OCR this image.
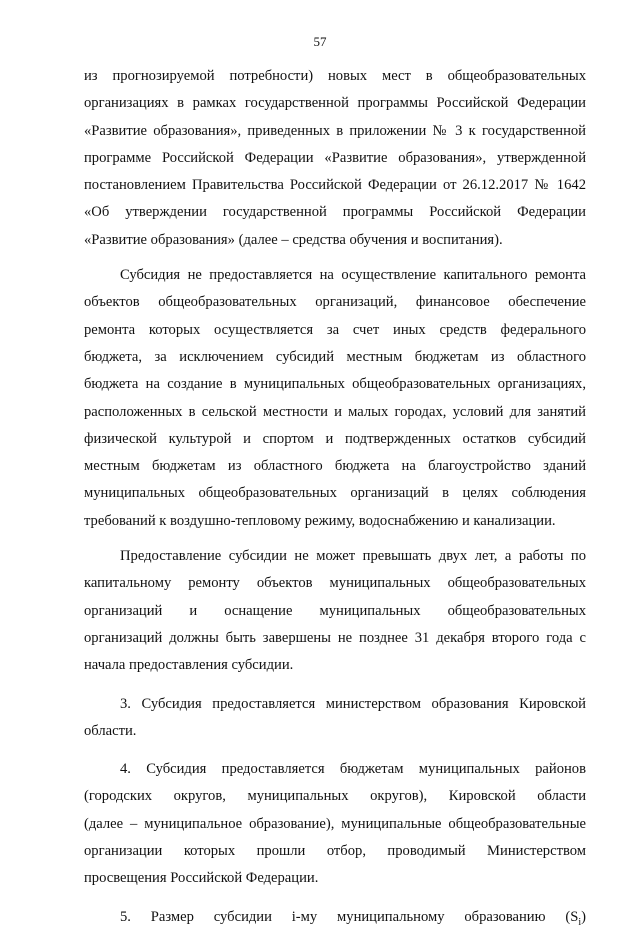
57
из прогнозируемой потребности) новых мест в общеобразовательных
организациях в рамках государственной программы Российской Федерации
«Развитие образования», приведенных в приложении № 3 к государственной
программе Российской Федерации «Развитие образования», утвержденной
постановлением Правительства Российской Федерации от 26.12.2017 № 1642
«Об утверждении государственной программы Российской Федерации
«Развитие образования» (далее – средства обучения и воспитания).
Субсидия не предоставляется на осуществление капитального ремонта
объектов общеобразовательных организаций, финансовое обеспечение
ремонта которых осуществляется за счет иных средств федерального
бюджета, за исключением субсидий местным бюджетам из областного
бюджета на создание в муниципальных общеобразовательных организациях,
расположенных в сельской местности и малых городах, условий для занятий
физической культурой и спортом и подтвержденных остатков субсидий
местным бюджетам из областного бюджета на благоустройство зданий
муниципальных общеобразовательных организаций в целях соблюдения
требований к воздушно-тепловому режиму, водоснабжению и канализации.
Предоставление субсидии не может превышать двух лет, а работы по
капитальному ремонту объектов муниципальных общеобразовательных
организаций и оснащение муниципальных общеобразовательных
организаций должны быть завершены не позднее 31 декабря второго года с
начала предоставления субсидии.
3. Субсидия предоставляется министерством образования Кировской
области.
4. Субсидия предоставляется бюджетам муниципальных районов
(городских округов, муниципальных округов), Кировской области
(далее – муниципальное образование), муниципальные общеобразовательные
организации которых прошли отбор, проводимый Министерством
просвещения Российской Федерации.
5. Размер субсидии i-му муниципальному образованию $(S_i)$
